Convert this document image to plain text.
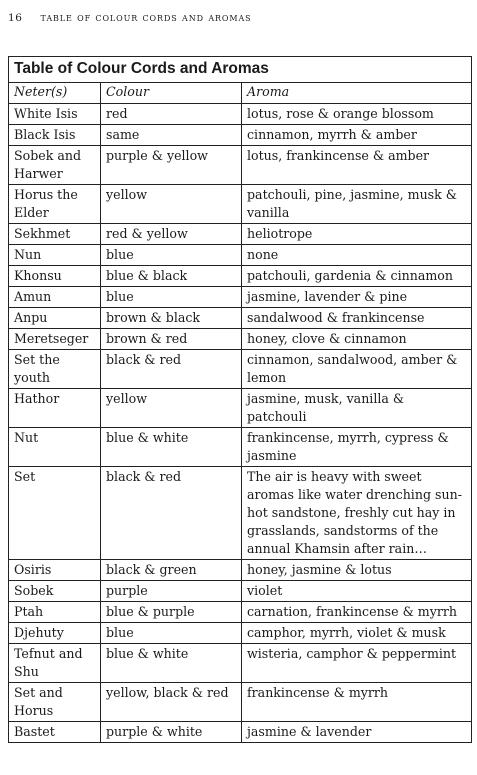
16 table of colour cords and aromas
Table of Colour Cords and Aromas		
Neter(s)	Colour	Aroma
White Isis	red	lotus, rose & orange blossom
Black Isis	same	cinnamon, myrrh & amber
Sobek and Harwer	purple & yellow	lotus, frankincense & amber
Horus the Elder	yellow	patchouli, pine, jasmine, musk & vanilla
Sekhmet	red & yellow	heliotrope
Nun	blue	none
Khonsu	blue & black	patchouli, gardenia & cinnamon
Amun	blue	jasmine, lavender & pine
Anpu	brown & black	sandalwood & frankincense
Meretseger	brown & red	honey, clove & cinnamon
Set the youth	black & red	cinnamon, sandalwood, amber & lemon
Hathor	yellow	jasmine, musk, vanilla & patchouli
Nut	blue & white	frankincense, myrrh, cypress & jasmine
Set	black & red	The air is heavy with sweet aromas like water drenching sun-hot sandstone, freshly cut hay in grasslands, sandstorms of the annual Khamsin after rain…
Osiris	black & green	honey, jasmine & lotus
Sobek	purple	violet
Ptah	blue & purple	carnation, frankincense & myrrh
Djehuty	blue	camphor, myrrh, violet & musk
Tefnut and Shu	blue & white	wisteria, camphor & peppermint
Set and Horus	yellow, black & red	frankincense & myrrh
Bastet	purple & white	jasmine & lavender
